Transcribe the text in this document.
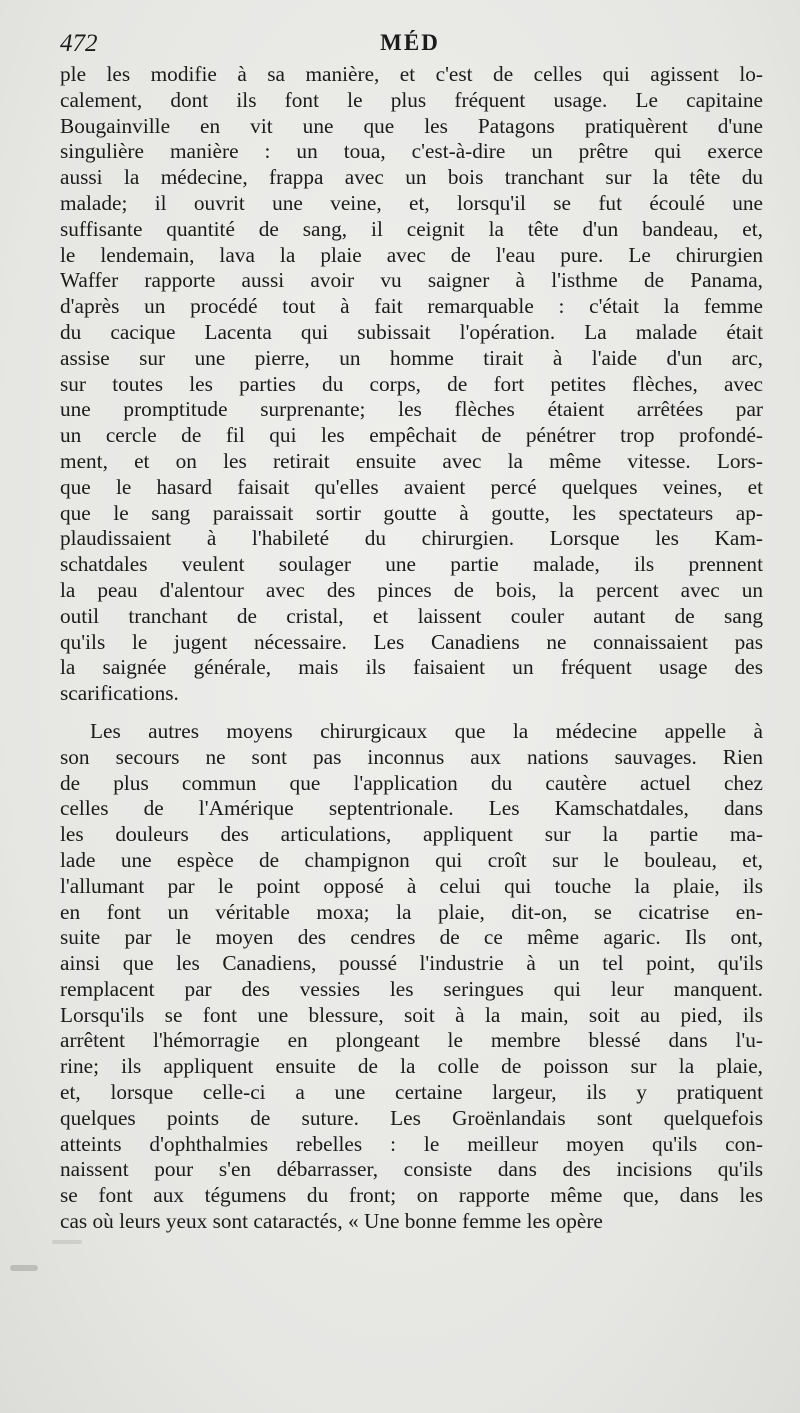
472	MÉD
ple les modifie à sa manière, et c'est de celles qui agissent lo-
calement, dont ils font le plus fréquent usage. Le capitaine
Bougainville en vit une que les Patagons pratiquèrent d'une
singulière manière : un toua, c'est-à-dire un prêtre qui exerce
aussi la médecine, frappa avec un bois tranchant sur la tête du
malade; il ouvrit une veine, et, lorsqu'il se fut écoulé une
suffisante quantité de sang, il ceignit la tête d'un bandeau, et,
le lendemain, lava la plaie avec de l'eau pure. Le chirurgien
Waffer rapporte aussi avoir vu saigner à l'isthme de Panama,
d'après un procédé tout à fait remarquable : c'était la femme
du cacique Lacenta qui subissait l'opération. La malade était
assise sur une pierre, un homme tirait à l'aide d'un arc,
sur toutes les parties du corps, de fort petites flèches, avec
une promptitude surprenante; les flèches étaient arrêtées par
un cercle de fil qui les empêchait de pénétrer trop profondé-
ment, et on les retirait ensuite avec la même vitesse. Lors-
que le hasard faisait qu'elles avaient percé quelques veines, et
que le sang paraissait sortir goutte à goutte, les spectateurs ap-
plaudissaient à l'habileté du chirurgien. Lorsque les Kam-
schatdales veulent soulager une partie malade, ils prennent
la peau d'alentour avec des pinces de bois, la percent avec un
outil tranchant de cristal, et laissent couler autant de sang
qu'ils le jugent nécessaire. Les Canadiens ne connaissaient pas
la saignée générale, mais ils faisaient un fréquent usage des
scarifications.
Les autres moyens chirurgicaux que la médecine appelle à
son secours ne sont pas inconnus aux nations sauvages. Rien
de plus commun que l'application du cautère actuel chez
celles de l'Amérique septentrionale. Les Kamschatdales, dans
les douleurs des articulations, appliquent sur la partie ma-
lade une espèce de champignon qui croît sur le bouleau, et,
l'allumant par le point opposé à celui qui touche la plaie, ils
en font un véritable moxa; la plaie, dit-on, se cicatrise en-
suite par le moyen des cendres de ce même agaric. Ils ont,
ainsi que les Canadiens, poussé l'industrie à un tel point, qu'ils
remplacent par des vessies les seringues qui leur manquent.
Lorsqu'ils se font une blessure, soit à la main, soit au pied, ils
arrêtent l'hémorragie en plongeant le membre blessé dans l'u-
rine; ils appliquent ensuite de la colle de poisson sur la plaie,
et, lorsque celle-ci a une certaine largeur, ils y pratiquent
quelques points de suture. Les Groënlandais sont quelquefois
atteints d'ophthalmies rebelles : le meilleur moyen qu'ils con-
naissent pour s'en débarrasser, consiste dans des incisions qu'ils
se font aux tégumens du front; on rapporte même que, dans les
cas où leurs yeux sont cataractés, « Une bonne femme les opère
